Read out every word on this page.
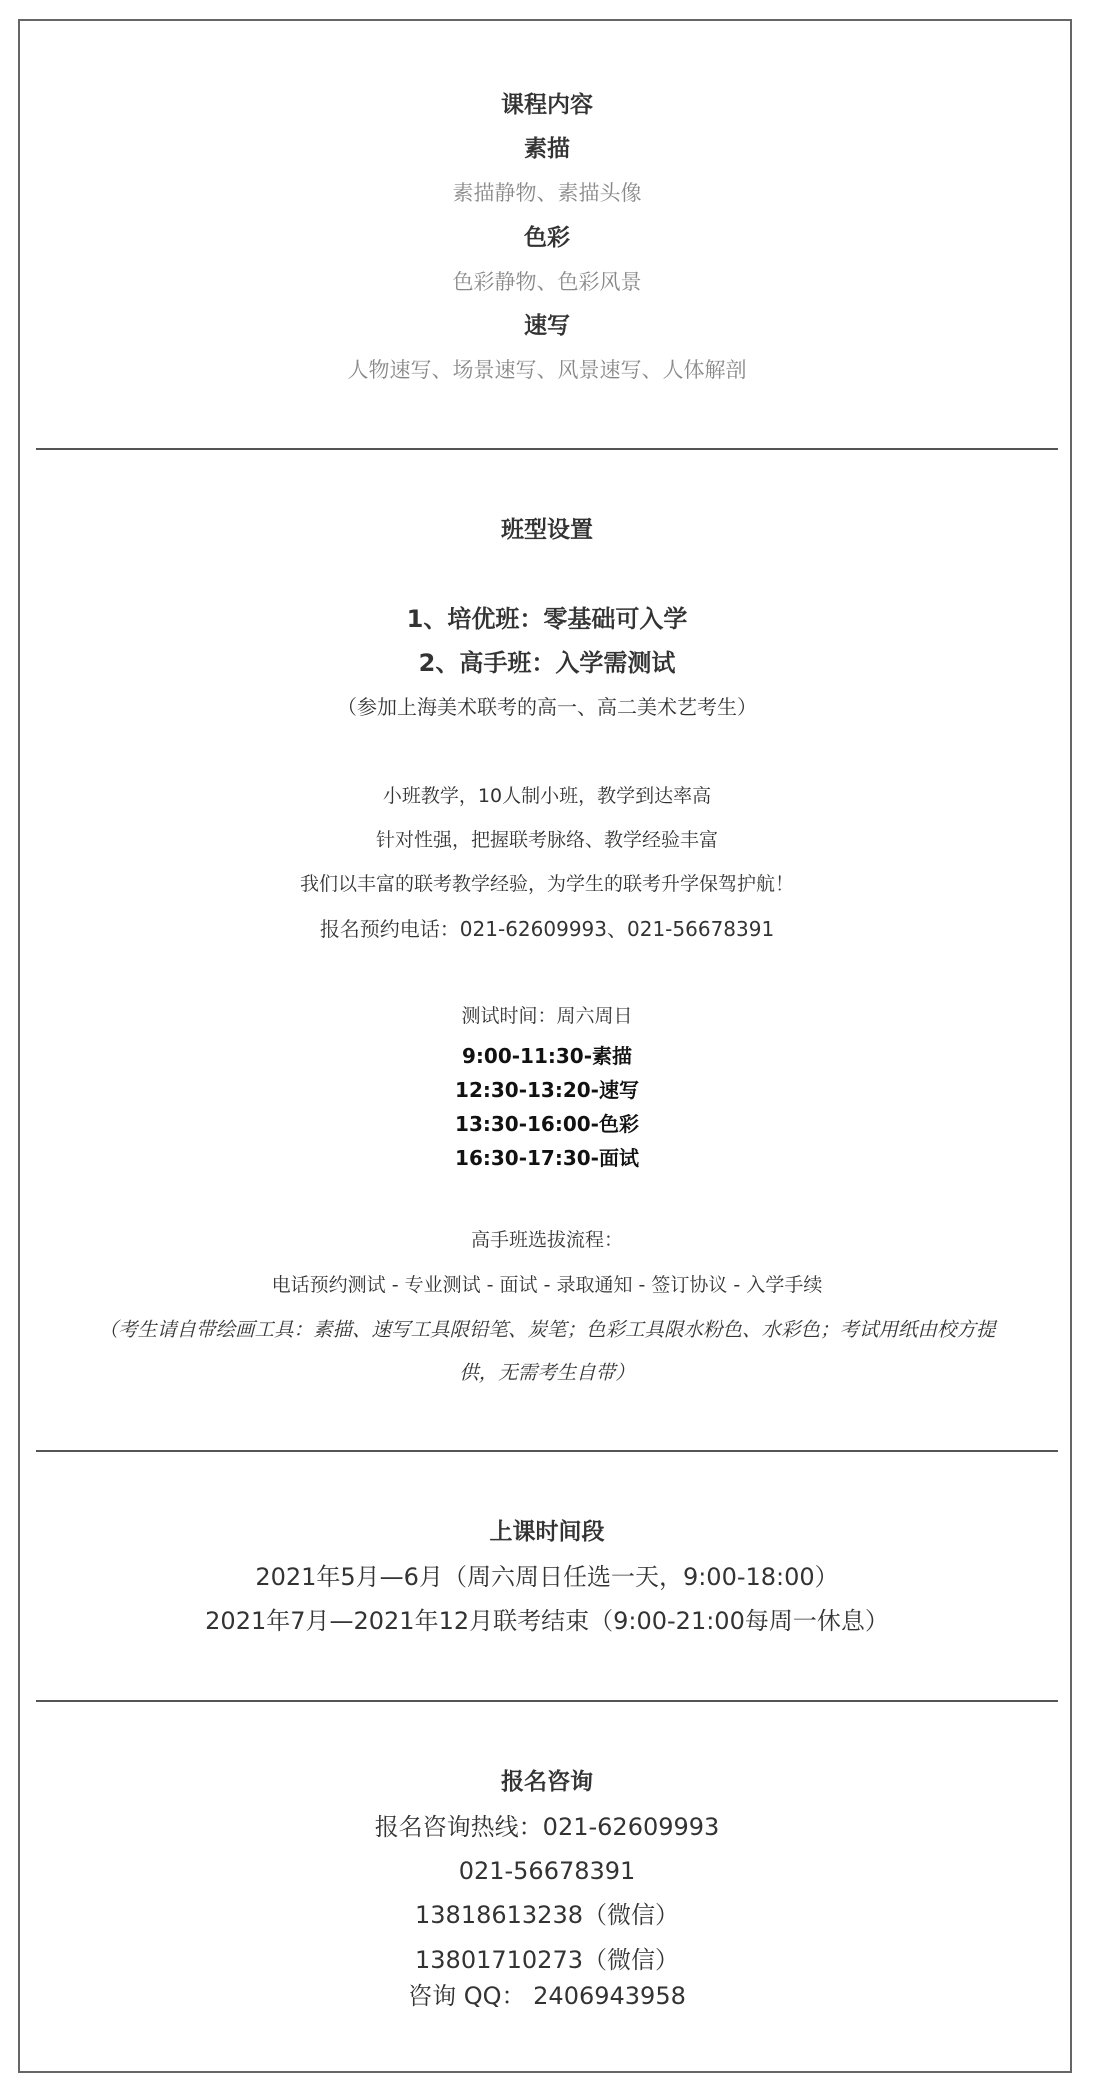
课程内容
素描
素描静物、素描头像
色彩
色彩静物、色彩风景
速写
人物速写、场景速写、风景速写、人体解剖
班型设置
1、培优班：零基础可入学
2、高手班：入学需测试
（参加上海美术联考的高一、高二美术艺考生）
小班教学，10人制小班，教学到达率高
针对性强，把握联考脉络、教学经验丰富
我们以丰富的联考教学经验，为学生的联考升学保驾护航！
报名预约电话：021-62609993、021-56678391
测试时间：周六周日
9:00-11:30-素描
12:30-13:20-速写
13:30-16:00-色彩
16:30-17:30-面试
高手班选拔流程：
电话预约测试 - 专业测试 - 面试 - 录取通知 - 签订协议 - 入学手续
（考生请自带绘画工具：素描、速写工具限铅笔、炭笔；色彩工具限水粉色、水彩色；考试用纸由校方提
供，无需考生自带）
上课时间段
2021年5月—6月（周六周日任选一天，9:00-18:00）
2021年7月—2021年12月联考结束（9:00-21:00每周一休息）
报名咨询
报名咨询热线：021-62609993
021-56678391
13818613238（微信）
13801710273（微信）
咨询 QQ： 2406943958
